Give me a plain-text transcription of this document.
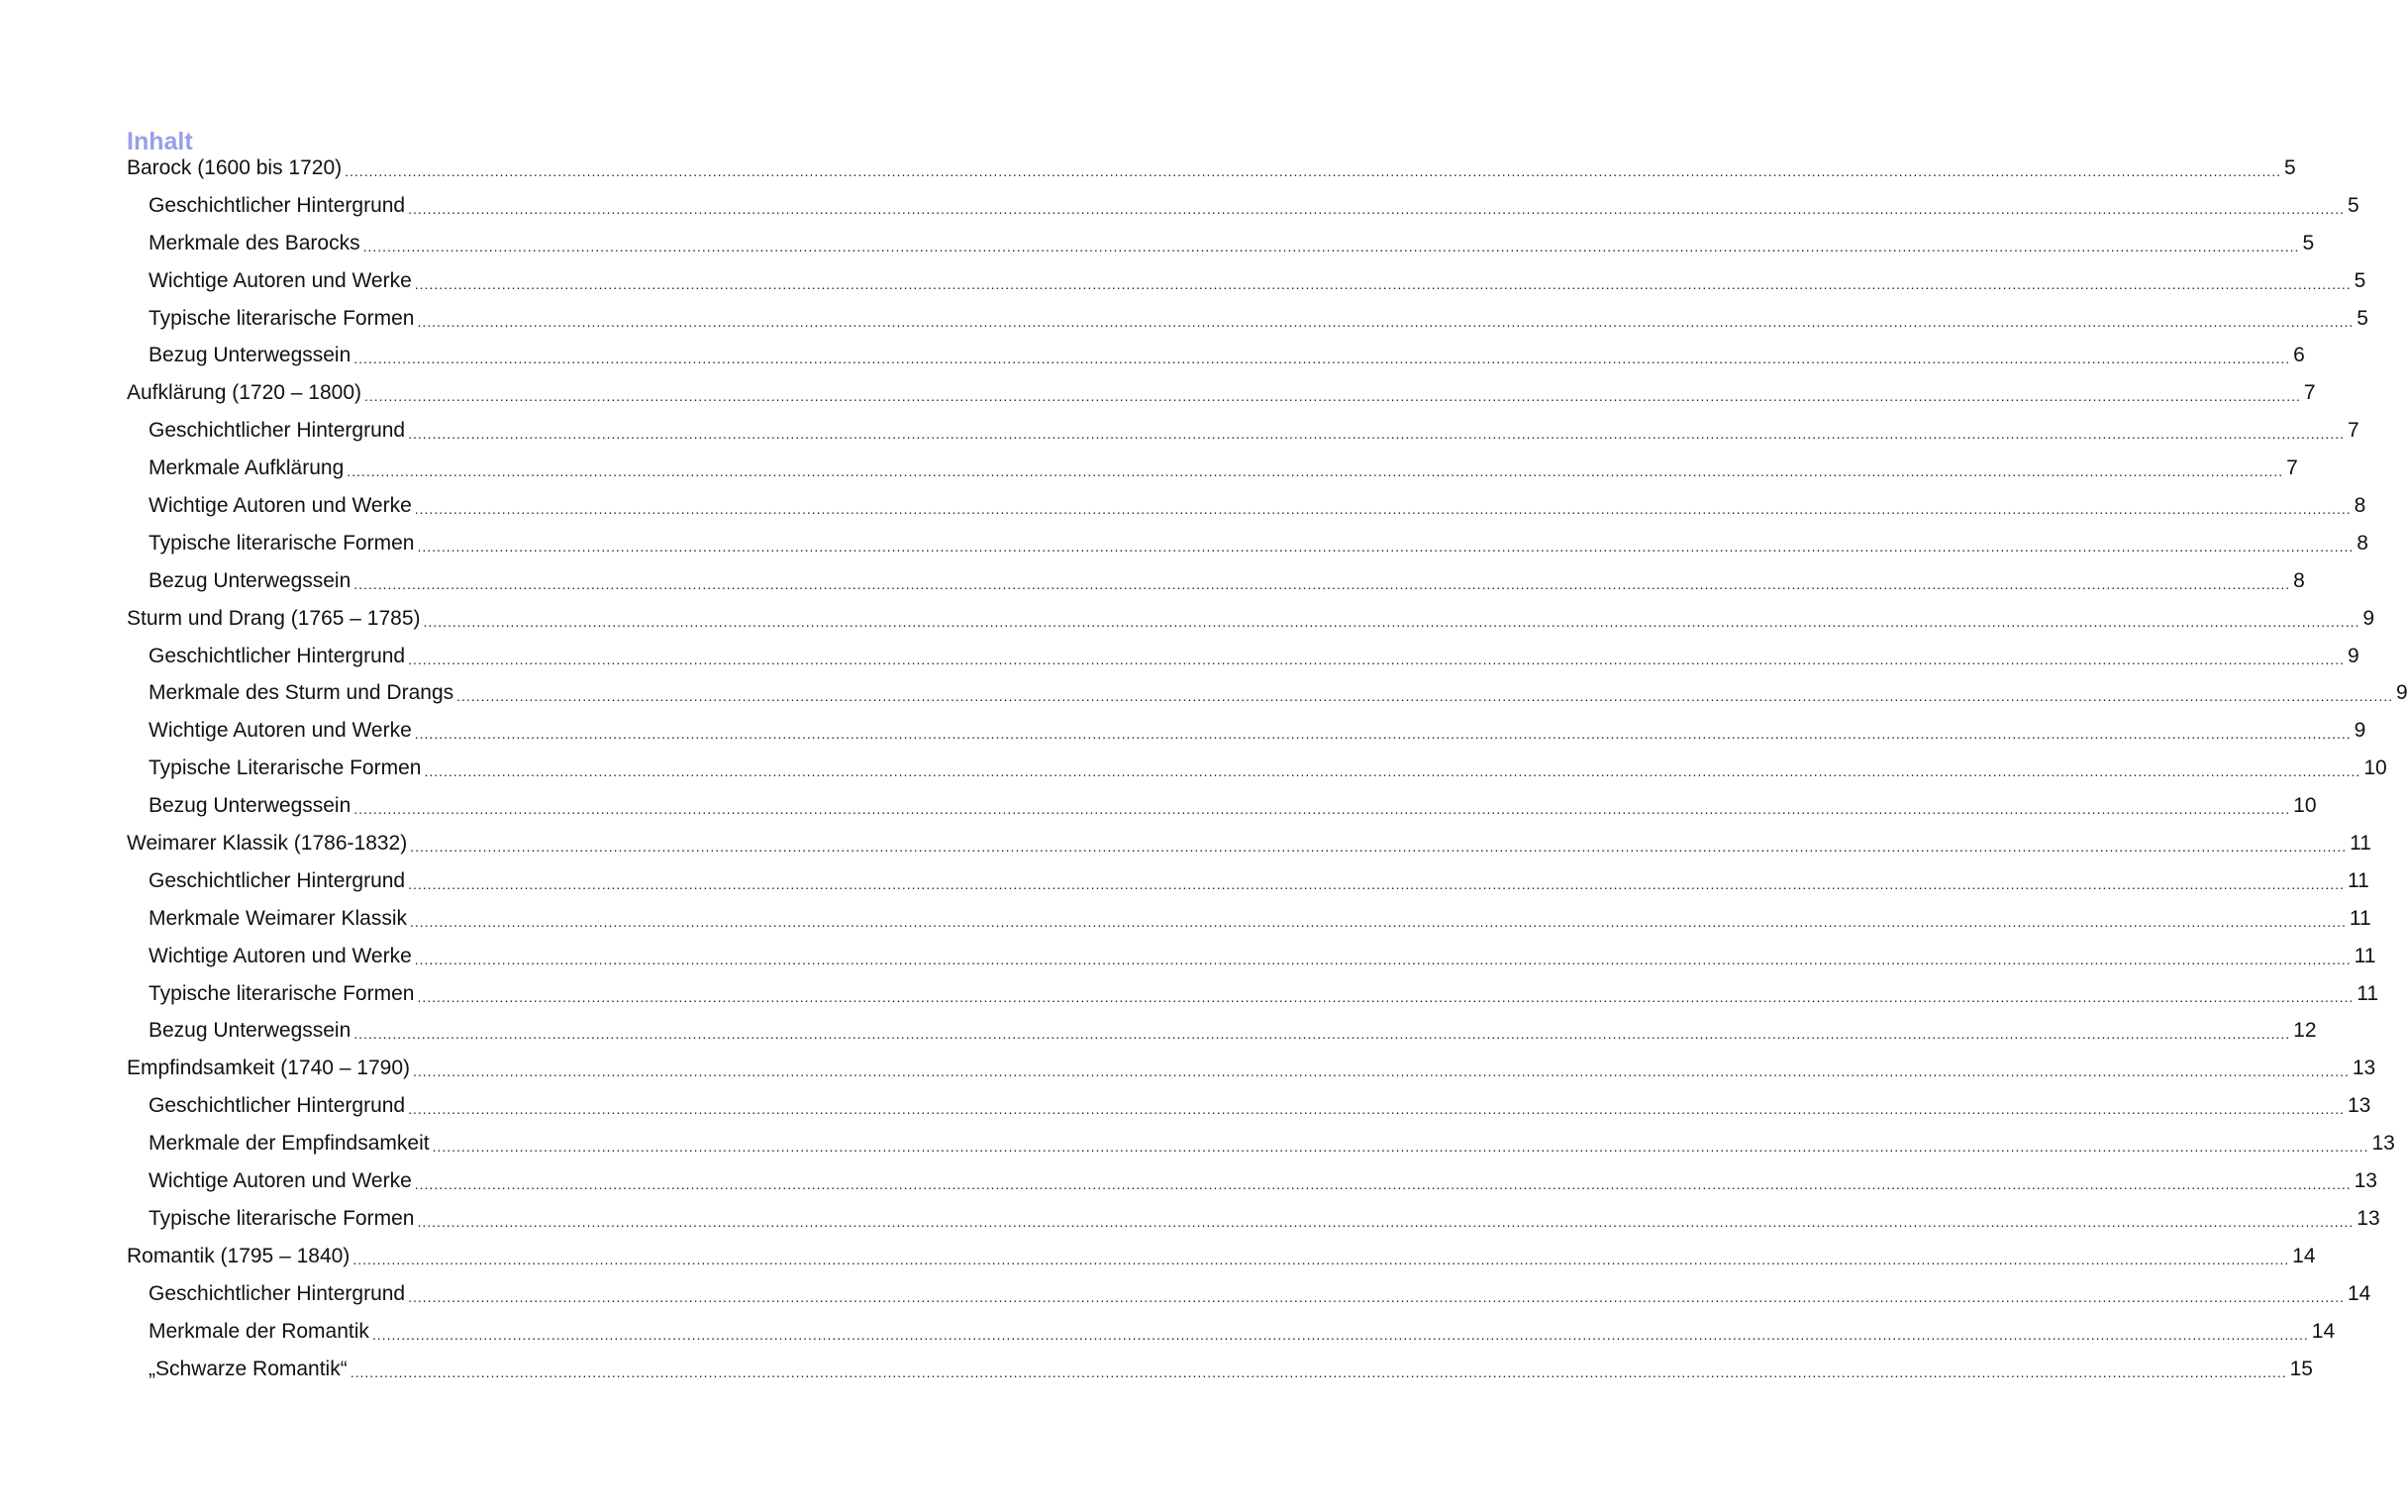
Inhalt
Barock (1600 bis 1720) ................................................................................................................................................................................................................................................................................................................................................................................................................ 5
Geschichtlicher Hintergrund ................................................................................................................................................................................................................................................................................................................................................................................................................ 5
Merkmale des Barocks ................................................................................................................................................................................................................................................................................................................................................................................................................ 5
Wichtige Autoren und Werke ................................................................................................................................................................................................................................................................................................................................................................................................................ 5
Typische literarische Formen ................................................................................................................................................................................................................................................................................................................................................................................................................ 5
Bezug Unterwegssein ................................................................................................................................................................................................................................................................................................................................................................................................................ 6
Aufklärung (1720 – 1800) ................................................................................................................................................................................................................................................................................................................................................................................................................ 7
Geschichtlicher Hintergrund ................................................................................................................................................................................................................................................................................................................................................................................................................ 7
Merkmale Aufklärung ................................................................................................................................................................................................................................................................................................................................................................................................................ 7
Wichtige Autoren und Werke ................................................................................................................................................................................................................................................................................................................................................................................................................ 8
Typische literarische Formen ................................................................................................................................................................................................................................................................................................................................................................................................................ 8
Bezug Unterwegssein ................................................................................................................................................................................................................................................................................................................................................................................................................ 8
Sturm und Drang (1765 – 1785) ................................................................................................................................................................................................................................................................................................................................................................................................................ 9
Geschichtlicher Hintergrund ................................................................................................................................................................................................................................................................................................................................................................................................................ 9
Merkmale des Sturm und Drangs ................................................................................................................................................................................................................................................................................................................................................................................................................ 9
Wichtige Autoren und Werke ................................................................................................................................................................................................................................................................................................................................................................................................................ 9
Typische Literarische Formen ................................................................................................................................................................................................................................................................................................................................................................................................................ 10
Bezug Unterwegssein ................................................................................................................................................................................................................................................................................................................................................................................................................ 10
Weimarer Klassik (1786-1832) ................................................................................................................................................................................................................................................................................................................................................................................................................ 11
Geschichtlicher Hintergrund ................................................................................................................................................................................................................................................................................................................................................................................................................ 11
Merkmale Weimarer Klassik ................................................................................................................................................................................................................................................................................................................................................................................................................ 11
Wichtige Autoren und Werke ................................................................................................................................................................................................................................................................................................................................................................................................................ 11
Typische literarische Formen ................................................................................................................................................................................................................................................................................................................................................................................................................ 11
Bezug Unterwegssein ................................................................................................................................................................................................................................................................................................................................................................................................................ 12
Empfindsamkeit (1740 – 1790) ................................................................................................................................................................................................................................................................................................................................................................................................................ 13
Geschichtlicher Hintergrund ................................................................................................................................................................................................................................................................................................................................................................................................................ 13
Merkmale der Empfindsamkeit ................................................................................................................................................................................................................................................................................................................................................................................................................ 13
Wichtige Autoren und Werke ................................................................................................................................................................................................................................................................................................................................................................................................................ 13
Typische literarische Formen ................................................................................................................................................................................................................................................................................................................................................................................................................ 13
Romantik (1795 – 1840) ................................................................................................................................................................................................................................................................................................................................................................................................................ 14
Geschichtlicher Hintergrund ................................................................................................................................................................................................................................................................................................................................................................................................................ 14
Merkmale der Romantik ................................................................................................................................................................................................................................................................................................................................................................................................................ 14
„Schwarze Romantik“ ................................................................................................................................................................................................................................................................................................................................................................................................................ 15
